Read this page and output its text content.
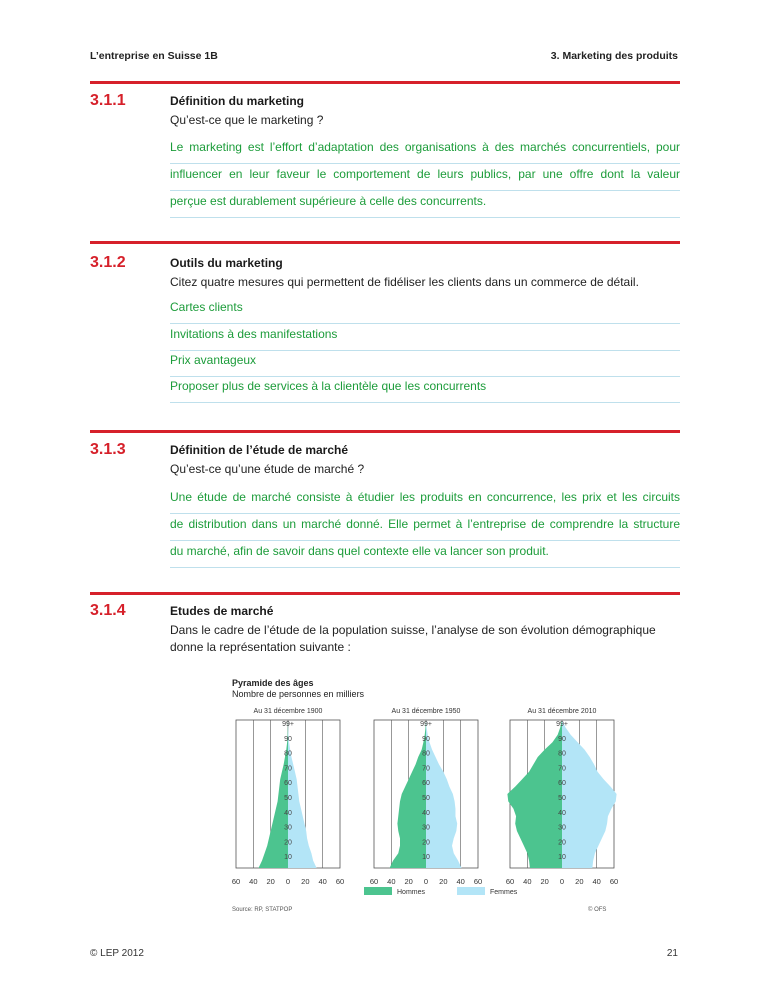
L’entreprise en Suisse 1B	3. Marketing des produits
3.1.1	Définition du marketing
Qu’est-ce que le marketing ?
Le marketing est l’effort d’adaptation des organisations à des marchés concurrentiels, pour
influencer en leur faveur le comportement de leurs publics, par une offre dont la valeur
perçue est durablement supérieure à celle des concurrents.
3.1.2	Outils du marketing
Citez quatre mesures qui permettent de fidéliser les clients dans un commerce de détail.
Cartes clients
Invitations à des manifestations
Prix avantageux
Proposer plus de services à la clientèle que les concurrents
3.1.3	Définition de l’étude de marché
Qu’est-ce qu’une étude de marché ?
Une étude de marché consiste à étudier les produits en concurrence, les prix et les circuits
de distribution dans un marché donné. Elle permet à l’entreprise de comprendre la structure
du marché, afin de savoir dans quel contexte elle va lancer son produit.
3.1.4	Etudes de marché
Dans le cadre de l’étude de la population suisse, l’analyse de son évolution démographique donne la représentation suivante :
Pyramide des âges
Nombre de personnes en milliers
Au 31 décembre 1900
99+
90
80
70
60
50
40
30
20
10
60 40 20 0 20 40 60
Au 31 décembre 1950
99+
90
80
70
60
50
40
30
20
10
60 40 20 0 20 40 60
Au 31 décembre 2010
99+
90
80
70
60
50
40
30
20
10
60 40 20 0 20 40 60
Hommes	Femmes
Source: RP, STATPOP	© OFS
© LEP 2012	21
